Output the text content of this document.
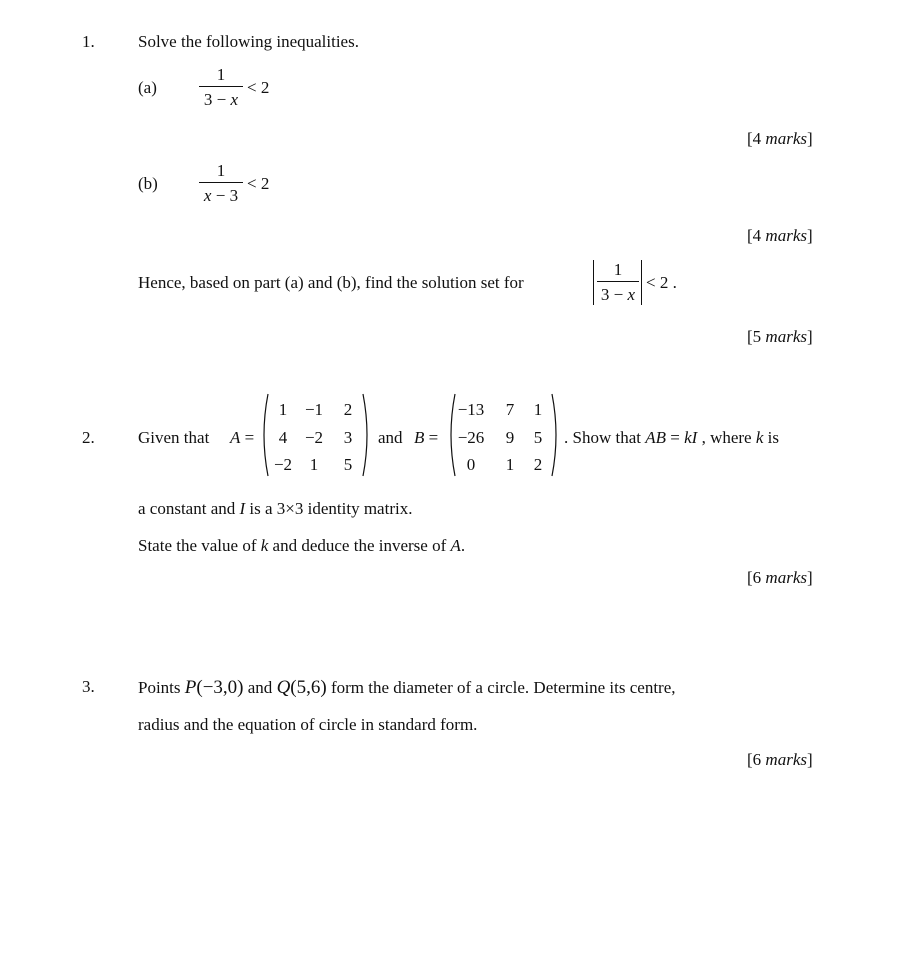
1.	Solve the following inequalities.
(a)
1
3 − x
< 2
[4 marks]
(b)
1
x − 3
< 2
[4 marks]
Hence, based on part (a) and (b), find the solution set for
1
3 − x
< 2 .
[5 marks]
2.	Given that A =
1	−1	2
4	−2	3
−2	1	5
and B =
−13	7	1
−26	9	5
0	1	2
. Show that AB = kI , where k is
a constant and I is a 3×3 identity matrix.
State the value of k and deduce the inverse of A.
[6 marks]
3.	Points P(−3,0) and Q(5,6) form the diameter of a circle. Determine its centre,
radius and the equation of circle in standard form.
[6 marks]
